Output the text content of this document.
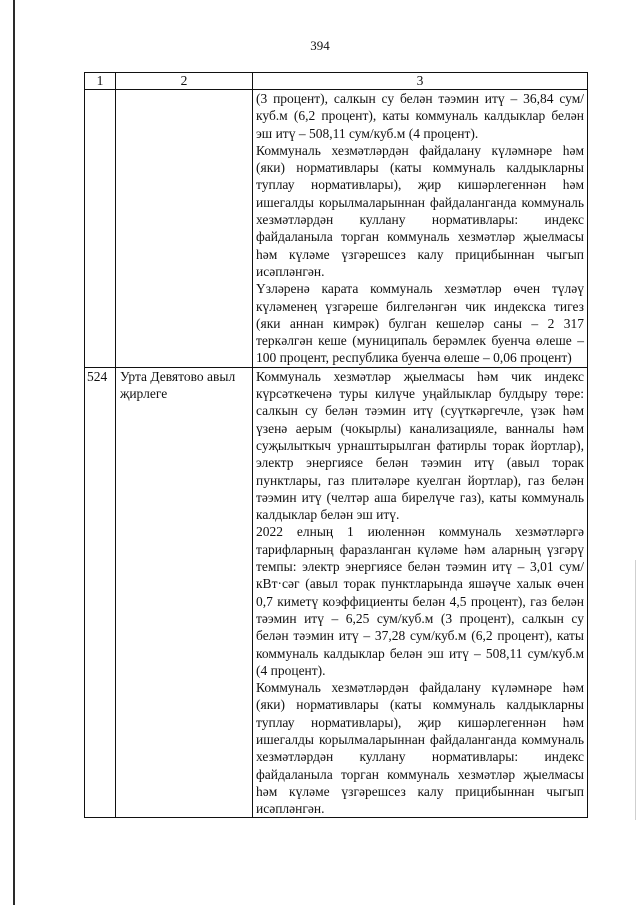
394
1	2	3

		(3 процент), салкын су белән тәэмин итү – 36,84 сум/куб.м (6,2 процент), каты коммуналь калдыклар белән эш итү – 508,11 сум/куб.м (4 процент).

Коммуналь хезмәтләрдән файдалану күләмнәре һәм (яки) нормативлары (каты коммуналь калдыкларны туплау нормативлары), җир кишәрлегеннән һәм ишегалды корылмаларыннан файдаланганда коммуналь хезмәтләрдән куллану нормативлары: индекс файдаланыла торган коммуналь хезмәтләр җыелмасы һәм күләме үзгәрешсез калу прицибыннан чыгып исәпләнгән.

Үзләренә карата коммуналь хезмәтләр өчен түләү күләменең үзгәреше билгеләнгән чик индекска тигез (яки аннан кимрәк) булган кешеләр саны – 2 317 теркәлгән кеше (муниципаль берәмлек буенча өлеше – 100 процент, республика буенча өлеше – 0,06 процент)

524	Урта Девятово авыл җирлеге	Коммуналь хезмәтләр җыелмасы һәм чик индекс күрсәткеченә туры килүче уңайлыклар булдыру төре: салкын су белән тәэмин итү (суүткәргечле, үзәк һәм үзенә аерым (чокырлы) канализацияле, ванналы һәм суҗылыткыч урнаштырылган фатирлы торак йортлар), электр энергиясе белән тәэмин итү (авыл торак пунктлары, газ плитәләре куелган йортлар), газ белән тәэмин итү (челтәр аша бирелүче газ), каты коммуналь калдыклар белән эш итү.

2022 елның 1 июленнән коммуналь хезмәтләргә тарифларның фаразланган күләме һәм аларның үзгәрү темпы: электр энергиясе белән тәэмин итү – 3,01 сум/кВт·сәг (авыл торак пунктларында яшәүче халык өчен 0,7 киметү коэффициенты белән 4,5 процент), газ белән тәэмин итү – 6,25 сум/куб.м (3 процент), салкын су белән тәэмин итү – 37,28 сум/куб.м (6,2 процент), каты коммуналь калдыклар белән эш итү – 508,11 сум/куб.м (4 процент).

Коммуналь хезмәтләрдән файдалану күләмнәре һәм (яки) нормативлары (каты коммуналь калдыкларны туплау нормативлары), җир кишәрлегеннән һәм ишегалды корылмаларыннан файдаланганда коммуналь хезмәтләрдән куллану нормативлары: индекс файдаланыла торган коммуналь хезмәтләр җыелмасы һәм күләме үзгәрешсез калу прицибыннан чыгып исәпләнгән.
